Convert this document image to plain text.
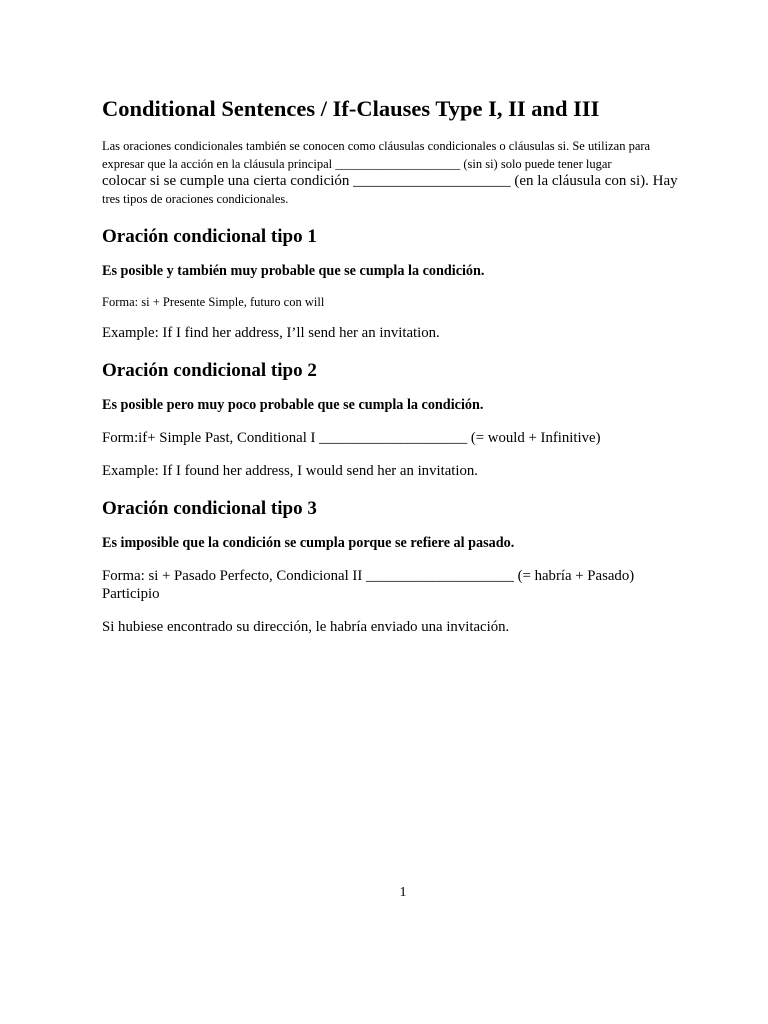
Conditional Sentences / If-Clauses Type I, II and III
Las oraciones condicionales también se conocen como cláusulas condicionales o cláusulas si. Se utilizan para
expresar que la acción en la cláusula principal ____________________ (sin si) solo puede tener lugar
colocar si se cumple una cierta condición _____________________ (en la cláusula con si). Hay
tres tipos de oraciones condicionales.
Oración condicional tipo 1

Es posible y también muy probable que se cumpla la condición.

Forma: si + Presente Simple, futuro con will

Example: If I find her address, I’ll send her an invitation.

Oración condicional tipo 2

Es posible pero muy poco probable que se cumpla la condición.

Form:if+ Simple Past, Conditional I ____________________ (= would + Infinitive)

Example: If I found her address, I would send her an invitation.

Oración condicional tipo 3

Es imposible que la condición se cumpla porque se refiere al pasado.

Forma: si + Pasado Perfecto, Condicional II ____________________ (= habría + Pasado)
Participio

Si hubiese encontrado su dirección, le habría enviado una invitación.

1
